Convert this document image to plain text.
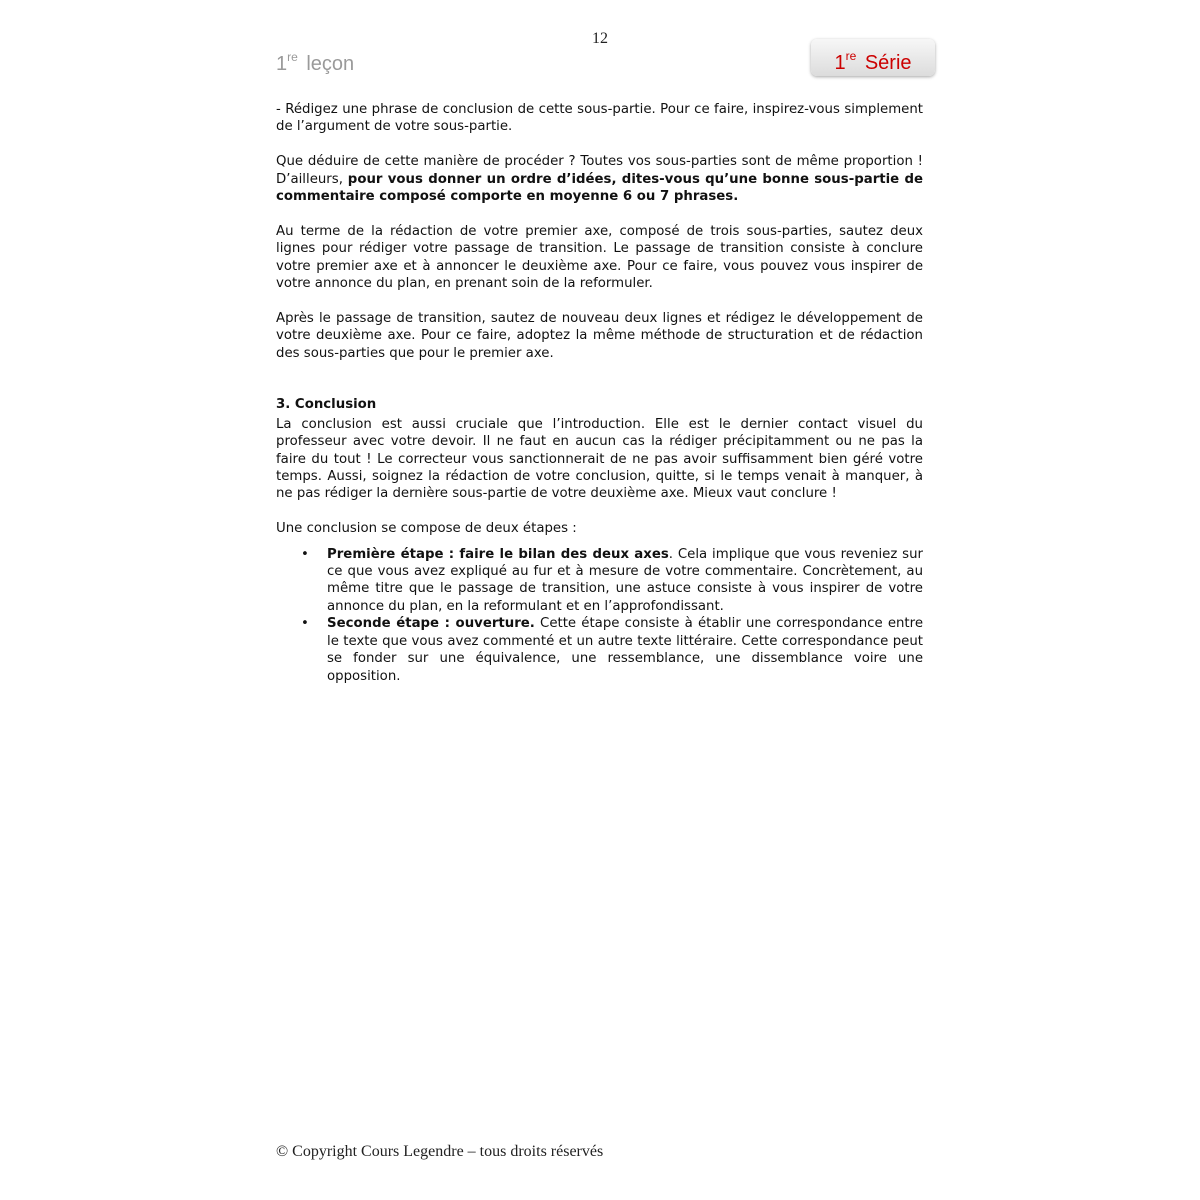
12
1re leçon	1re Série

- Rédigez une phrase de conclusion de cette sous-partie. Pour ce faire, inspirez-vous simplement de l’argument de votre sous-partie.

Que déduire de cette manière de procéder ? Toutes vos sous-parties sont de même proportion ! D’ailleurs, pour vous donner un ordre d’idées, dites-vous qu’une bonne sous-partie de commentaire composé comporte en moyenne 6 ou 7 phrases.

Au terme de la rédaction de votre premier axe, composé de trois sous-parties, sautez deux lignes pour rédiger votre passage de transition. Le passage de transition consiste à conclure votre premier axe et à annoncer le deuxième axe. Pour ce faire, vous pouvez vous inspirer de votre annonce du plan, en prenant soin de la reformuler.

Après le passage de transition, sautez de nouveau deux lignes et rédigez le développement de votre deuxième axe. Pour ce faire, adoptez la même méthode de structuration et de rédaction des sous-parties que pour le premier axe.

3. Conclusion

La conclusion est aussi cruciale que l’introduction. Elle est le dernier contact visuel du professeur avec votre devoir. Il ne faut en aucun cas la rédiger précipitamment ou ne pas la faire du tout ! Le correcteur vous sanctionnerait de ne pas avoir suffisamment bien géré votre temps. Aussi, soignez la rédaction de votre conclusion, quitte, si le temps venait à manquer, à ne pas rédiger la dernière sous-partie de votre deuxième axe. Mieux vaut conclure !

Une conclusion se compose de deux étapes :

• Première étape : faire le bilan des deux axes. Cela implique que vous reveniez sur ce que vous avez expliqué au fur et à mesure de votre commentaire. Concrètement, au même titre que le passage de transition, une astuce consiste à vous inspirer de votre annonce du plan, en la reformulant et en l’approfondissant.
• Seconde étape : ouverture. Cette étape consiste à établir une correspondance entre le texte que vous avez commenté et un autre texte littéraire. Cette correspondance peut se fonder sur une équivalence, une ressemblance, une dissemblance voire une opposition.
© Copyright Cours Legendre – tous droits réservés
